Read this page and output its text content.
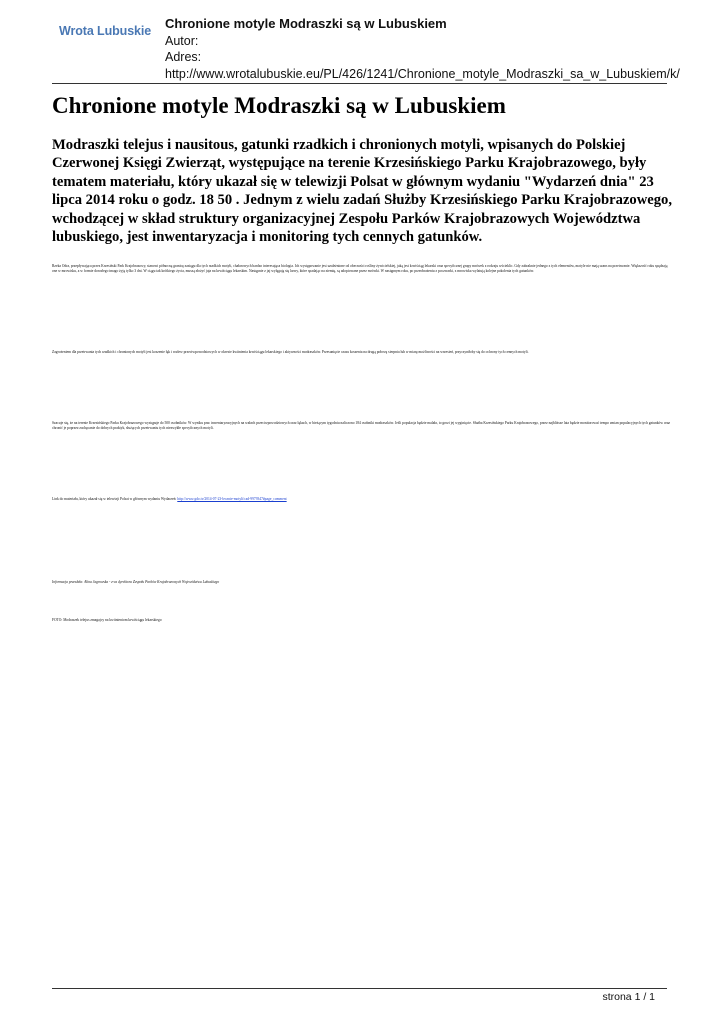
Wrota Lubuskie Chronione motyle Modraszki są w Lubuskiem
Autor:
Adres:
http://www.wrotalubuskie.eu/PL/426/1241/Chronione_motyle_Modraszki_sa_w_Lubuskiem/k/
Chronione motyle Modraszki są w Lubuskiem

Modraszki telejus i nausitous, gatunki rzadkich i chronionych motyli, wpisanych do Polskiej Czerwonej Księgi Zwierząt, występujące na terenie Krzesińskiego Parku Krajobrazowego, były tematem materiału, który ukazał się w telewizji Polsat w głównym wydaniu "Wydarzeń dnia" 23 lipca 2014 roku o godz. 18 50 . Jednym z wielu zadań Służby Krzesińskiego Parku Krajobrazowego, wchodzącej w skład struktury organizacyjnej Zespołu Parków Krajobrazowych Województwa lubuskiego, jest inwentaryzacja i monitoring tych cennych gatunków.

Rzeka Odra, przepływająca przez Krzesiński Park Krajobrazowy, stanowi północną granicę zasięgu dla tych rzadkich motyli, chałarowych bardzo interesująca biologia. Ich występowanie jest uzależnione od obecności rośliny żywicielskiej, jaką jest krwiściąg lekarski oraz specyficznej grupy mrówek z rodzaju wścieklic. Gdy zabraknie jednego z tych elementów, motyle nie mają szans na przetrwanie. Większość roku spędzają one w mrowisku, a w formie dorosłego imago żyją tylko 3 dni. W ciągu tak krótkiego życia, muszą złożyć jaja na krwiściągu lekarskim. Następnie z jaj wylęgają się larwy, które spadając na ziemię, są adoptowane przez mrówki. W następnym roku, po przeobrażeniu z poczwarki, z mrowiska wylatują kolejne pokolenia tych gatunków.

Zagrożeniem dla przetrwania tych rzadkich i chronionych motyli jest koszenie łąk i rozlew przeciwpowodziowych w okresie kwitnienia krwiściągu lekarskiego i aktywności modraszków. Przesunięcie czasu koszenia na drugą połowę sierpnia lub w miarę możliwości na wrzesień, przyczyniłoby się do ochrony tych cennych motyli.

Szacuje się, że na terenie Krzesińskiego Parku Krajobrazowego występuje do 500 osobników. W wyniku prac inwentaryzacyjnych na wałach przeciwpowodziowych oraz łąkach, w bieżącym tygodniu naliczono 184 osobniki modraszków. Jeśli populacja będzie malała, to grozi jej wyginięcie. Służba Krzesińskiego Parku Krajobrazowego, przez najbliższe lata będzie monitorować tempo zmian populacyjnych tych gatunków oraz chronić je poprzez zachęcanie do dobrych praktyk, służących przetrwaniu tych niezwykłe specyficznych motyli.

Link do materiału, który ukazał się w telewizji Polsat w głównym wydaniu Wydarzeń: http://www.gdo.tv/2014-07-23-lecznie-motyli/cad-9979347#page_comment

Informacja przesłała: Alina Jagrowska - z-ca dyrektora Zespołu Parków Krajobrazowych Województwa Lubuskiego

FOTO: Modraszek telejus zmagajcy na kwitnieniom krwiściągu lekarskiego

strona 1 / 1
